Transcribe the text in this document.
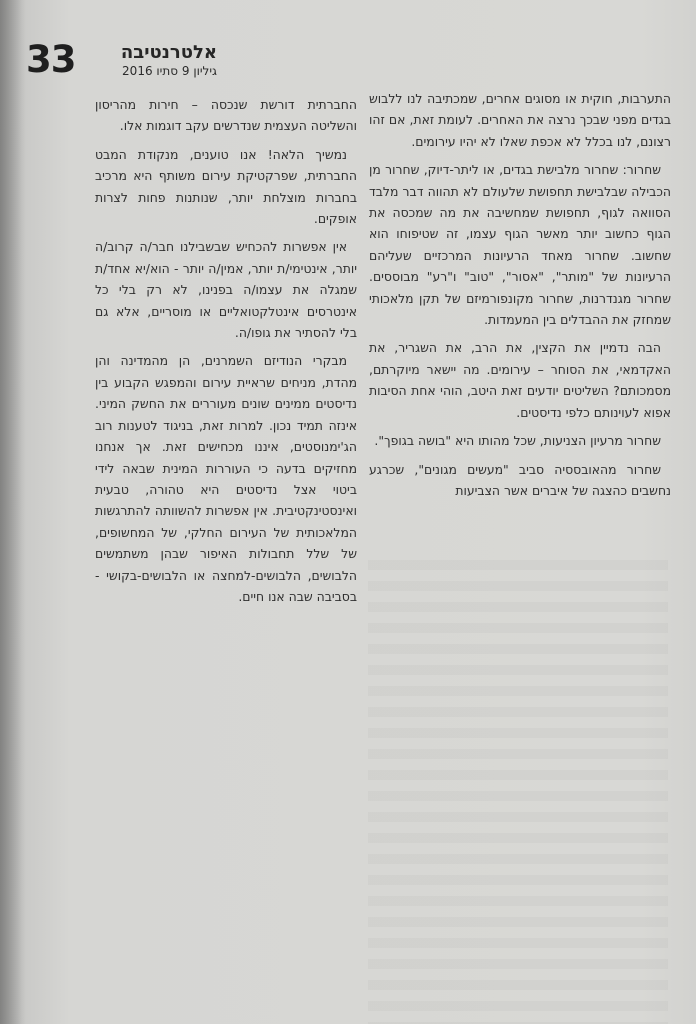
33	אלטרנטיבה
גיליון 9 סתיו 2016

התערבות, חוקית או מסוגים אחרים, שמכתיבה לנו ללבוש בגדים מפני שבכך נרצה את האחרים. לעומת זאת, אם זהו רצונם, לנו בכלל לא אכפת שאלו לא יהיו עירומים.

שחרור: שחרור מלבישת בגדים, או ליתר-דיוק, שחרור מן הכבילה שבלבישת תחפושת שלעולם לא תהווה דבר מלבד הסוואה לגוף, תחפושת שמחשיבה את מה שמכסה את הגוף כחשוב יותר מאשר הגוף עצמו, זה שטיפוחו הוא שחשוב. שחרור מאחד הרעיונות המרכזיים שעליהם הרעיונות של "מותר", "אסור", "טוב" ו"רע" מבוססים. שחרור מגנדרנות, שחרור מקונפורמיזם של תקן מלאכותי שמחזק את ההבדלים בין המעמדות.

הבה נדמיין את הקצין, את הרב, את השגריר, את האקדמאי, את הסוחר – עירומים. מה יישאר מיוקרתם, מסמכותם? השליטים יודעים זאת היטב, הוהי אחת הסיבות אפוא לעוינותם כלפי נדיסטים.

שחרור מרעיון הצניעות, שכל מהותו היא "בושה בגופך".

שחרור מהאובססיה סביב "מעשים מגונים", שכרגע נחשבים כהצגה של איברים אשר הצביעות

החברתית דורשת שנכסה – חירות מהריסון והשליטה העצמית שנדרשים עקב דוגמות אלו.

נמשיך הלאה! אנו טוענים, מנקודת המבט החברתית, שפרקטיקת עירום משותף היא מרכיב בחברות מוצלחת יותר, שנותנות פחות לצרות אופקים.

אין אפשרות להכחיש שבשבילנו חבר/ה קרוב/ה יותר, אינטימי/ת יותר, אמין/ה יותר - הוא/יא אחד/ת שמגלה את עצמו/ה בפנינו, לא רק בלי כל אינטרסים אינטלקטואליים או מוסריים, אלא גם בלי להסתיר את גופו/ה.

מבקרי הנודיזם השמרנים, הן מהמדינה והן מהדת, מניחים שראיית עירום והמפגש הקבוע בין נדיסטים ממינים שונים מעוררים את החשק המיני. אינזה תמיד נכון. למרות זאת, בניגוד לטענות רוב הג'ימנוסטים, איננו מכחישים זאת. אך אנחנו מחזיקים בדעה כי העוררות המינית שבאה לידי ביטוי אצל נדיסטים היא טהורה, טבעית ואינסטינקטיבית. אין אפשרות להשוותה להתרגשות המלאכותית של העירום החלקי, של המחשופים, של שלל תחבולות האיפור שבהן משתמשים הלבושים, הלבושים-למחצה או הלבושים-בקושי - בסביבה שבה אנו חיים.
